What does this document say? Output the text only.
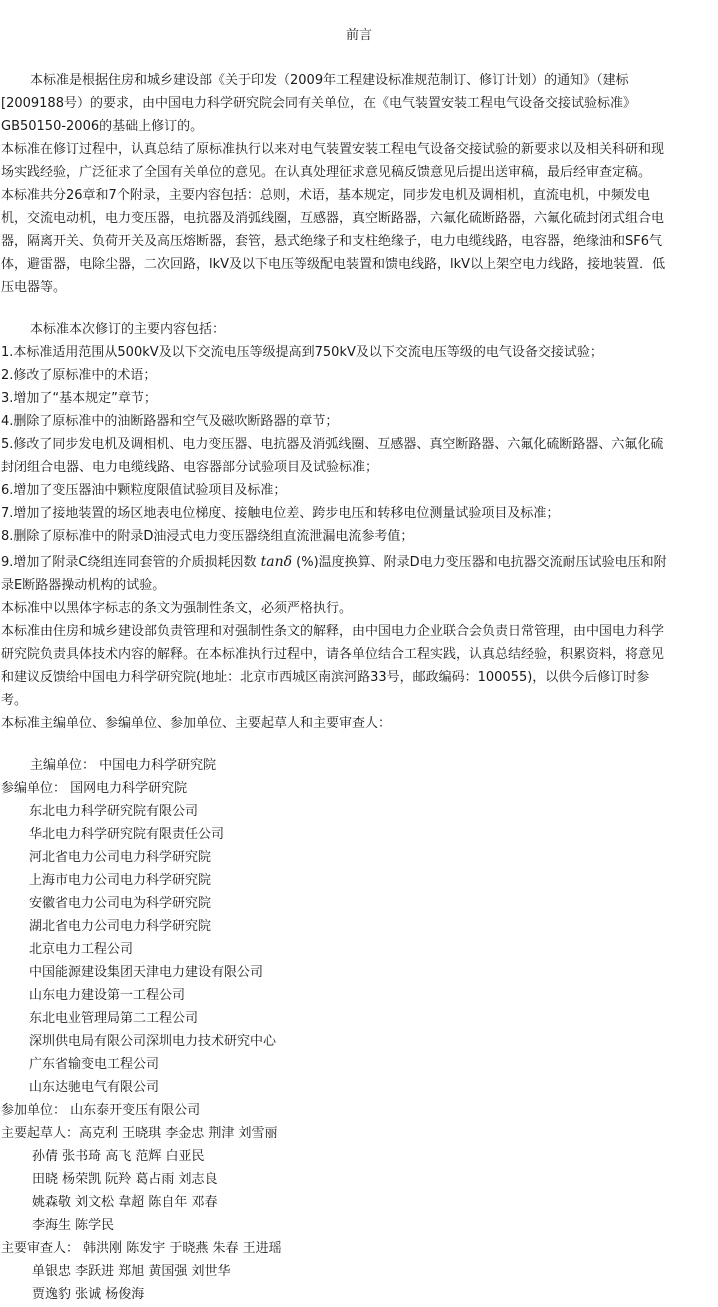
前言
本标准是根据住房和城乡建设部《关于印发（2009年工程建设标准规范制订、修订计划）的通知》（建标
[2009188号）的要求，由中国电力科学研究院会同有关单位，在《电气装置安装工程电气设备交接试验标准》
GB50150-2006的基础上修订的。
本标准在修订过程中，认真总结了原标准执行以来对电气装置安装工程电气设备交接试验的新要求以及相关科研和现
场实践经验，广泛征求了全国有关单位的意见。在认真处理征求意见稿反馈意见后提出送审稿，最后经审查定稿。
本标准共分26章和7个附录，主要内容包括：总则，术语，基本规定，同步发电机及调相机，直流电机，中频发电
机，交流电动机，电力变压器，电抗器及消弧线圈，互感器，真空断路器，六氟化硫断路器，六氟化硫封闭式组合电
器，隔离开关、负荷开关及高压熔断器，套管，悬式绝缘子和支柱绝缘子，电力电缆线路，电容器，绝缘油和SF6气
体，避雷器，电除尘器，二次回路，lkV及以下电压等级配电装置和馈电线路，lkV以上架空电力线路，接地装置．低
压电器等。
本标准本次修订的主要内容包括：
1.本标准适用范围从500kV及以下交流电压等级提高到750kV及以下交流电压等级的电气设备交接试验；
2.修改了原标准中的术语；
3.增加了“基本规定”章节；
4.删除了原标准中的油断路器和空气及磁吹断路器的章节；
5.修改了同步发电机及调相机、电力变压器、电抗器及消弧线圈、互感器、真空断路器、六氟化硫断路器、六氟化硫
封闭组合电器、电力电缆线路、电容器部分试验项目及试验标准；
6.增加了变压器油中颗粒度限值试验项目及标准；
7.增加了接地装置的场区地表电位梯度、接触电位差、跨步电压和转移电位测量试验项目及标准；
8.删除了原标准中的附录D油浸式电力变压器绕组直流泄漏电流参考值；
9.增加了附录C绕组连同套管的介质损耗因数 tanδ (%)温度换算、附录D电力变压器和电抗器交流耐压试验电压和附
录E断路器操动机构的试验。
本标准中以黑体字标志的条文为强制性条文，必须严格执行。
本标准由住房和城乡建设部负责管理和对强制性条文的解释，由中国电力企业联合会负责日常管理，由中国电力科学
研究院负责具体技术内容的解释。在本标准执行过程中，请各单位结合工程实践，认真总结经验，积累资料，将意见
和建议反馈给中国电力科学研究院(地址：北京市西城区南滨河路33号，邮政编码：100055)，以供今后修订时参
考。
本标准主编单位、参编单位、参加单位、主要起草人和主要审查人：
主编单位： 中国电力科学研究院
参编单位： 国网电力科学研究院
东北电力科学研究院有限公司
华北电力科学研究院有限责任公司
河北省电力公司电力科学研究院
上海市电力公司电力科学研究院
安徽省电力公司电为科学研究院
湖北省电力公司电力科学研究院
北京电力工程公司
中国能源建设集团天津电力建设有限公司
山东电力建设第一工程公司
东北电业管理局第二工程公司
深圳供电局有限公司深圳电力技术研究中心
广东省输变电工程公司
山东达驰电气有限公司
参加单位： 山东泰开变压有限公司
主要起草人：高克利 王晓琪 李金忠 荆津 刘雪丽
孙倩 张书琦 高飞 范辉 白亚民
田晓 杨荣凯 阮羚 葛占雨 刘志良
姚森敬 刘文松 韋超 陈自年 邓春
李海生 陈学民
主要审查人： 韩洪刚 陈发宇 于晓燕 朱春 王进瑶
单银忠 李跃进 郑旭 黄国强 刘世华
贾逸豹 张诚 杨俊海
